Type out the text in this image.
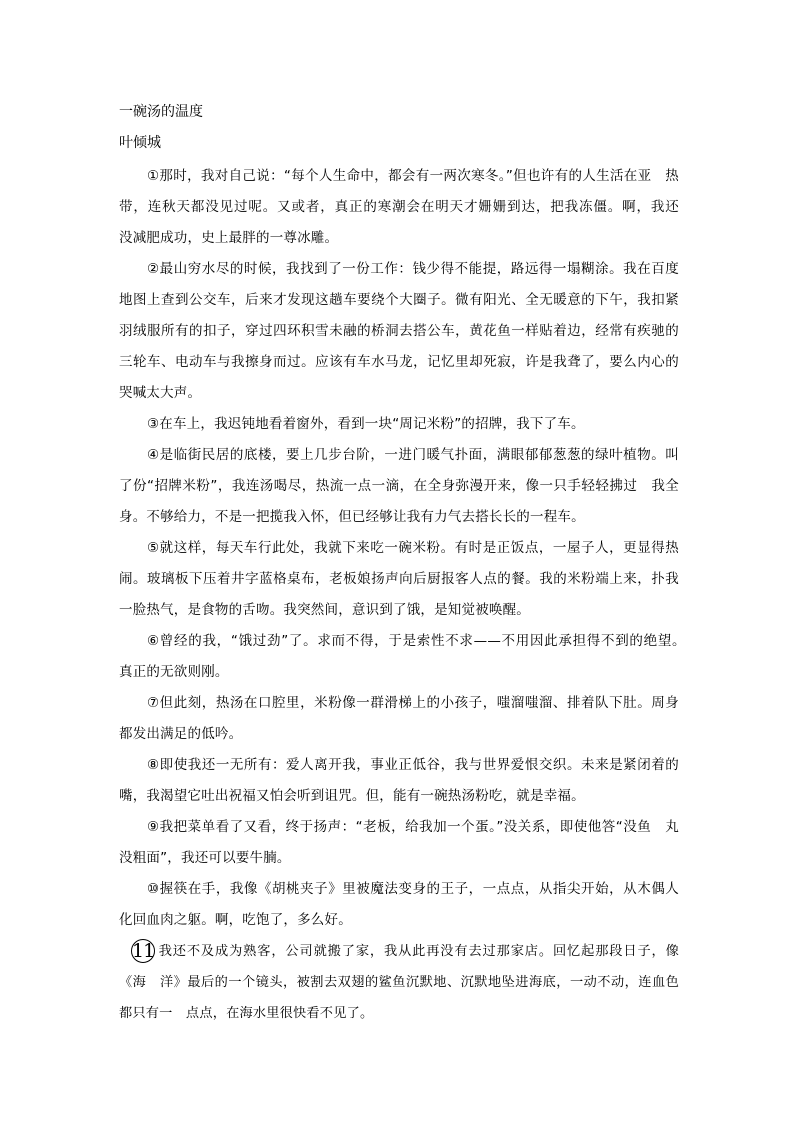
一碗汤的温度

叶倾城

①那时，我对自己说：“每个人生命中，都会有一两次寒冬。”但也许有的人生活在亚　热带，连秋天都没见过呢。又或者，真正的寒潮会在明天才姗姗到达，把我冻僵。啊，我还　没减肥成功，史上最胖的一尊冰雕。

②最山穷水尽的时候，我找到了一份工作：钱少得不能提，路远得一塌糊涂。我在百度　地图上查到公交车，后来才发现这趟车要绕个大圈子。微有阳光、全无暖意的下午，我扣紧　羽绒服所有的扣子，穿过四环积雪未融的桥洞去搭公车，黄花鱼一样贴着边，经常有疾驰的　三轮车、电动车与我擦身而过。应该有车水马龙，记忆里却死寂，许是我聋了，要么内心的　哭喊太大声。

③在车上，我迟钝地看着窗外，看到一块“周记米粉”的招牌，我下了车。

④是临街民居的底楼，要上几步台阶，一进门暖气扑面，满眼郁郁葱葱的绿叶植物。叫了份“招牌米粉”，我连汤喝尽，热流一点一滴，在全身弥漫开来，像一只手轻轻拂过　我全身。不够给力，不是一把揽我入怀，但已经够让我有力气去搭长长的一程车。

⑤就这样，每天车行此处，我就下来吃一碗米粉。有时是正饭点，一屋子人，更显得热闹。玻璃板下压着井字蓝格桌布，老板娘扬声向后厨报客人点的餐。我的米粉端上来，扑我　一脸热气，是食物的舌吻。我突然间，意识到了饿，是知觉被唤醒。

⑥曾经的我，“饿过劲”了。求而不得，于是索性不求——不用因此承担得不到的绝望。　真正的无欲则刚。

⑦但此刻，热汤在口腔里，米粉像一群滑梯上的小孩子，嗤溜嗤溜、排着队下肚。周身　都发出满足的低吟。

⑧即使我还一无所有：爱人离开我，事业正低谷，我与世界爱恨交织。未来是紧闭着的　嘴，我渴望它吐出祝福又怕会听到诅咒。但，能有一碗热汤粉吃，就是幸福。

⑨我把菜单看了又看，终于扬声：“老板，给我加一个蛋。”没关系，即使他答“没鱼　丸没粗面”，我还可以要牛腩。

⑩握筷在手，我像《胡桃夹子》里被魔法变身的王子，一点点，从指尖开始，从木偶人化回血肉之躯。啊，吃饱了，多么好。

11 我还不及成为熟客，公司就搬了家，我从此再没有去过那家店。回忆起那段日子，像《海　洋》最后的一个镜头，被割去双翅的鲨鱼沉默地、沉默地坠进海底，一动不动，连血色都只有一　点点，在海水里很快看不见了。
